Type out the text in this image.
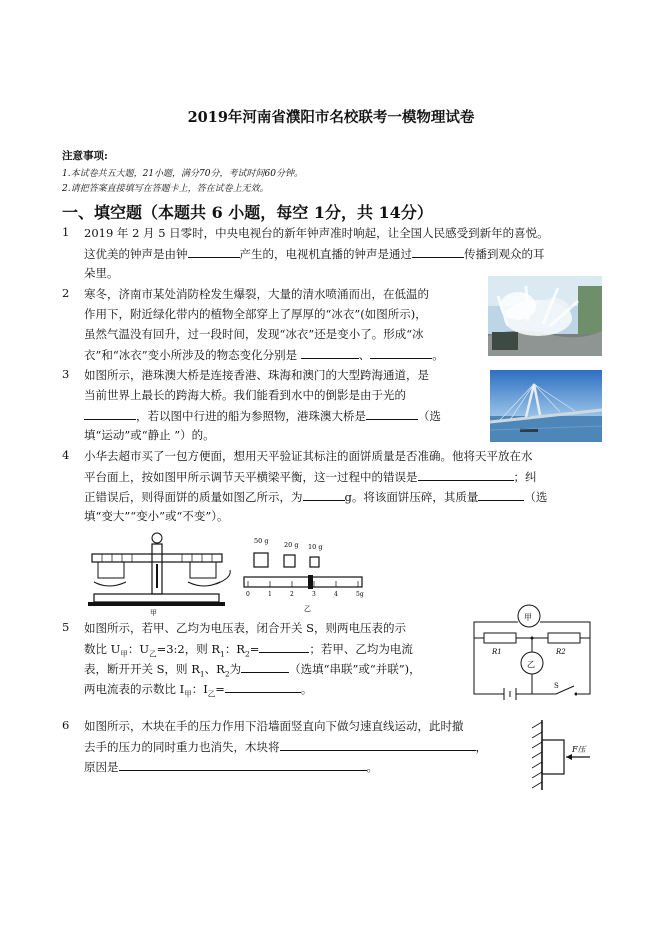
2019年河南省濮阳市名校联考一模物理试卷
注意事项:
1.本试卷共五大题，21小题，满分70分，考试时间60分钟。
2.请把答案直接填写在答题卡上，答在试卷上无效。
一、填空题（本题共 6 小题，每空 1分，共 14分）
1 2019 年 2 月 5 日零时，中央电视台的新年钟声准时响起，让全国人民感受到新年的喜悦。
这优美的钟声是由钟	产生的，电视机直播的钟声是通过	传播到观众的耳
朵里。
2 寒冬，济南市某处消防栓发生爆裂，大量的清水喷涌而出，在低温的
作用下，附近绿化带内的植物全部穿上了厚厚的“冰衣”(如图所示)，
虽然气温没有回升，过一段时间，发现“冰衣”还是变小了。形成“冰
衣”和“冰衣”变小所涉及的物态变化分别是	、	。
3 如图所示，港珠澳大桥是连接香港、珠海和澳门的大型跨海通道，是
当前世界上最长的跨海大桥。我们能看到水中的倒影是由于光的
，若以图中行进的船为参照物，港珠澳大桥是	（选
填“运动”或“静止 ”）的。
4 小华去超市买了一包方便面，想用天平验证其标注的面饼质量是否准确。他将天平放在水
平台面上，按如图甲所示调节天平横梁平衡，这一过程中的错误是	；纠
正错误后，则得面饼的质量如图乙所示，为	g。将该面饼压碎，其质量	（选
填“变大”“变小”或“不变”）。
甲
50 g 20 g 10 g
0	1	2	3	4	5g
乙
5 如图所示，若甲、乙均为电压表，闭合开关 S，则两电压表的示
数比 $U_甲$：$U_乙=3:2$，则 $R_1$：$R_2=$	；若甲、乙均为电流
表，断开开关 S，则 $R_1$、$R_2$为	（选填“串联”或“并联”)，
两电流表的示数比 $I_甲$：$I_乙=$	。	S
R1	R2
甲
乙
6 如图所示，木块在手的压力作用下沿墙面竖直向下做匀速直线运动，此时撤
去手的压力的同时重力也消失，木块将	，
原因是	。
F压
